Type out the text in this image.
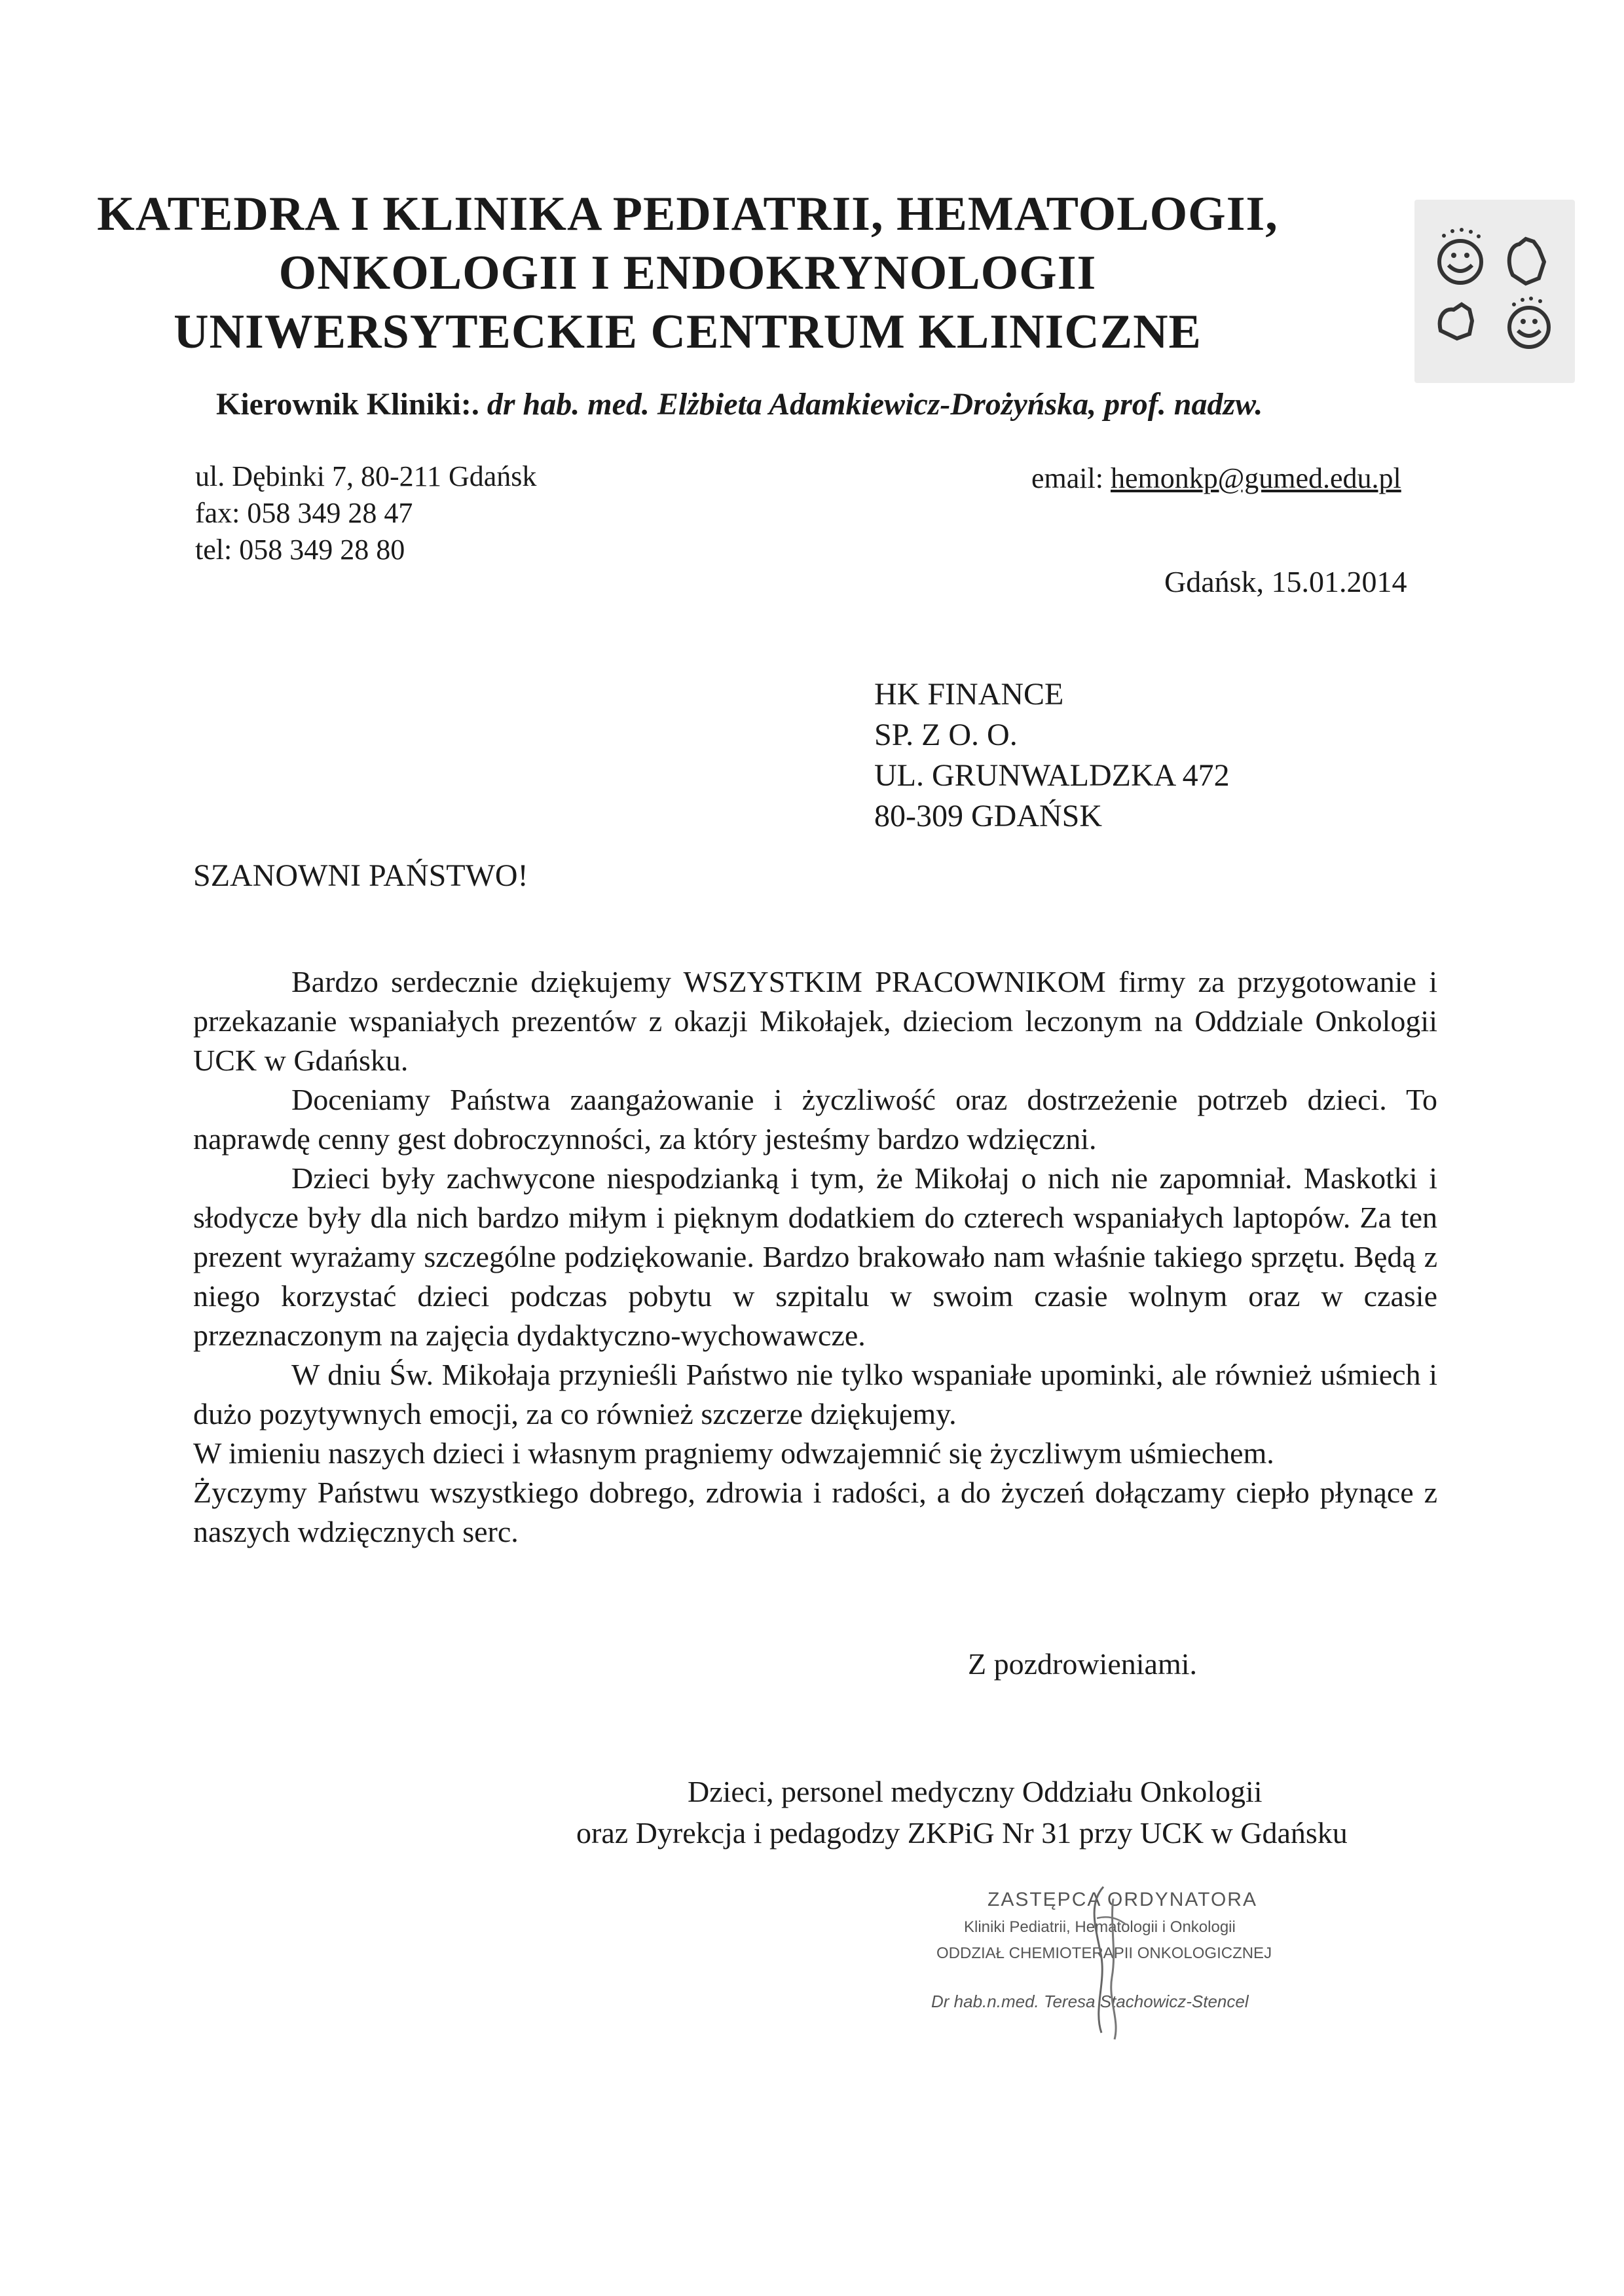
KATEDRA I KLINIKA PEDIATRII, HEMATOLOGII,
ONKOLOGII I ENDOKRYNOLOGII
UNIWERSYTECKIE CENTRUM KLINICZNE
Kierownik Kliniki:. dr hab. med. Elżbieta Adamkiewicz-Drożyńska, prof. nadzw.
ul. Dębinki 7, 80-211 Gdańsk
fax: 058 349 28 47
tel: 058 349 28 80
email: hemonkp@gumed.edu.pl
Gdańsk, 15.01.2014
HK FINANCE
SP. Z O. O.
UL. GRUNWALDZKA 472
80-309 GDAŃSK
SZANOWNI PAŃSTWO!

Bardzo serdecznie dziękujemy WSZYSTKIM PRACOWNIKOM firmy za przygotowanie i przekazanie wspaniałych prezentów z okazji Mikołajek, dzieciom leczonym na Oddziale Onkologii UCK w Gdańsku.

Doceniamy Państwa zaangażowanie i życzliwość oraz dostrzeżenie potrzeb dzieci. To naprawdę cenny gest dobroczynności, za który jesteśmy bardzo wdzięczni.

Dzieci były zachwycone niespodzianką i tym, że Mikołaj o nich nie zapomniał. Maskotki i słodycze były dla nich bardzo miłym i pięknym dodatkiem do czterech wspaniałych laptopów. Za ten prezent wyrażamy szczególne podziękowanie. Bardzo brakowało nam właśnie takiego sprzętu. Będą z niego korzystać dzieci podczas pobytu w szpitalu w swoim czasie wolnym oraz w czasie przeznaczonym na zajęcia dydaktyczno-wychowawcze.

W dniu Św. Mikołaja przynieśli Państwo nie tylko wspaniałe upominki, ale również uśmiech i dużo pozytywnych emocji, za co również szczerze dziękujemy.

W imieniu naszych dzieci i własnym pragniemy odwzajemnić się życzliwym uśmiechem.

Życzymy Państwu wszystkiego dobrego, zdrowia i radości, a do życzeń dołączamy ciepło płynące z naszych wdzięcznych serc.

Z pozdrowieniami.
Dzieci, personel medyczny Oddziału Onkologii
oraz Dyrekcja i pedagodzy ZKPiG Nr 31 przy UCK w Gdańsku
ZASTĘPCA ORDYNATORA
Kliniki Pediatrii, Hematologii i Onkologii
ODDZIAŁ CHEMIOTERAPII ONKOLOGICZNEJ
Dr hab.n.med. Teresa Stachowicz-Stencel
